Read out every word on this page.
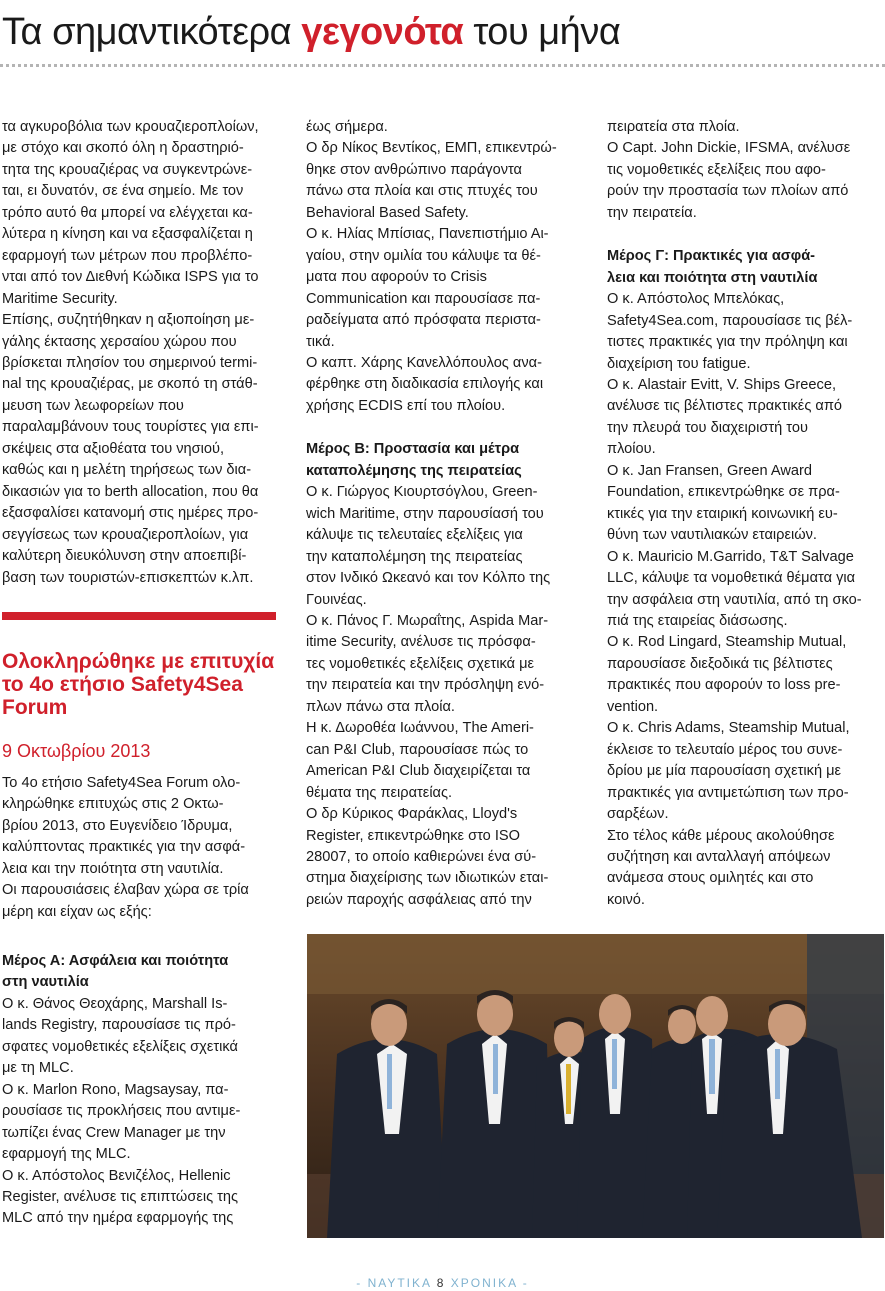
Τα σημαντικότερα γεγονότα του μήνα

τα αγκυροβόλια των κρουαζιεροπλοίων,

με στόχο και σκοπό όλη η δραστηριό-

τητα της κρουαζιέρας να συγκεντρώνε-

ται, ει δυνατόν, σε ένα σημείο. Με τον

τρόπο αυτό θα μπορεί να ελέγχεται κα-

λύτερα η κίνηση και να εξασφαλίζεται η

εφαρμογή των μέτρων που προβλέπο-

νται από τον Διεθνή Κώδικα ISPS για το

Maritime Security.

Επίσης, συζητήθηκαν η αξιοποίηση με-

γάλης έκτασης χερσαίου χώρου που

βρίσκεται πλησίον του σημερινού termi-

nal της κρουαζιέρας, με σκοπό τη στάθ-

μευση των λεωφορείων που

παραλαμβάνουν τους τουρίστες για επι-

σκέψεις στα αξιοθέατα του νησιού,

καθώς και η μελέτη τηρήσεως των δια-

δικασιών για το berth allocation, που θα

εξασφαλίσει κατανομή στις ημέρες προ-

σεγγίσεως των κρουαζιεροπλοίων, για

καλύτερη διευκόλυνση στην αποεπιβί-

βαση των τουριστών-επισκεπτών κ.λπ.

Ολοκληρώθηκε με επιτυχία το 4ο ετήσιο Safety4Sea Forum
9 Οκτωβρίου 2013

Το 4ο ετήσιο Safety4Sea Forum ολο-

κληρώθηκε επιτυχώς στις 2 Οκτω-

βρίου 2013, στο Ευγενίδειο Ίδρυμα,

καλύπτοντας πρακτικές για την ασφά-

λεια και την ποιότητα στη ναυτιλία.

Οι παρουσιάσεις έλαβαν χώρα σε τρία

μέρη και είχαν ως εξής:

Μέρος Α: Ασφάλεια και ποιότητα

στη ναυτιλία

Ο κ. Θάνος Θεοχάρης, Marshall Is-

lands Registry, παρουσίασε τις πρό-

σφατες νομοθετικές εξελίξεις σχετικά

με τη MLC.

Ο κ. Marlon Rono, Magsaysay, πα-

ρουσίασε τις προκλήσεις που αντιμε-

τωπίζει ένας Crew Manager με την

εφαρμογή της MLC.

Ο κ. Απόστολος Βενιζέλος, Hellenic

Register, ανέλυσε τις επιπτώσεις της

MLC από την ημέρα εφαρμογής της

έως σήμερα.

Ο δρ Νίκος Βεντίκος, ΕΜΠ, επικεντρώ-

θηκε στον ανθρώπινο παράγοντα

πάνω στα πλοία και στις πτυχές του

Behavioral Based Safety.

Ο κ. Ηλίας Μπίσιας, Πανεπιστήμιο Αι-

γαίου, στην ομιλία του κάλυψε τα θέ-

ματα που αφορούν το Crisis

Communication και παρουσίασε πα-

ραδείγματα από πρόσφατα περιστα-

τικά.

Ο καπτ. Χάρης Κανελλόπουλος ανα-

φέρθηκε στη διαδικασία επιλογής και

χρήσης ECDIS επί του πλοίου.

Μέρος Β: Προστασία και μέτρα

καταπολέμησης της πειρατείας

Ο κ. Γιώργος Κιουρτσόγλου, Green-

wich Maritime, στην παρουσίασή του

κάλυψε τις τελευταίες εξελίξεις για

την καταπολέμηση της πειρατείας

στον Ινδικό Ωκεανό και τον Κόλπο της

Γουινέας.

Ο κ. Πάνος Γ. Μωραΐτης, Aspida Mar-

itime Security, ανέλυσε τις πρόσφα-

τες νομοθετικές εξελίξεις σχετικά με

την πειρατεία και την πρόσληψη ενό-

πλων πάνω στα πλοία.

Η κ. Δωροθέα Ιωάννου, The Ameri-

can P&I Club, παρουσίασε πώς το

American P&I Club διαχειρίζεται τα

θέματα της πειρατείας.

Ο δρ Κύρικος Φαράκλας, Lloyd's

Register, επικεντρώθηκε στο ISO

28007, το οποίο καθιερώνει ένα σύ-

στημα διαχείρισης των ιδιωτικών εται-

ρειών παροχής ασφάλειας από την

πειρατεία στα πλοία.

Ο Capt. John Dickie, IFSMA, ανέλυσε

τις νομοθετικές εξελίξεις που αφο-

ρούν την προστασία των πλοίων από

την πειρατεία.

Μέρος Γ: Πρακτικές για ασφά-

λεια και ποιότητα στη ναυτιλία

Ο κ. Απόστολος Μπελόκας,

Safety4Sea.com, παρουσίασε τις βέλ-

τιστες πρακτικές για την πρόληψη και

διαχείριση του fatigue.

Ο κ. Alastair Evitt, V. Ships Greece,

ανέλυσε τις βέλτιστες πρακτικές από

την πλευρά του διαχειριστή του

πλοίου.

Ο κ. Jan Fransen, Green Award

Foundation, επικεντρώθηκε σε πρα-

κτικές για την εταιρική κοινωνική ευ-

θύνη των ναυτιλιακών εταιρειών.

Ο κ. Mauricio M.Garrido, T&T Salvage

LLC, κάλυψε τα νομοθετικά θέματα για

την ασφάλεια στη ναυτιλία, από τη σκο-

πιά της εταιρείας διάσωσης.

Ο κ. Rod Lingard, Steamship Mutual,

παρουσίασε διεξοδικά τις βέλτιστες

πρακτικές που αφορούν το loss pre-

vention.

Ο κ. Chris Adams, Steamship Mutual,

έκλεισε το τελευταίο μέρος του συνε-

δρίου με μία παρουσίαση σχετική με

πρακτικές για αντιμετώπιση των προ-

σαρξέων.

Στο τέλος κάθε μέρους ακολούθησε

συζήτηση και ανταλλαγή απόψεων

ανάμεσα στους ομιλητές και στο

κοινό.

- ΝΑΥΤΙΚΑ 8 ΧΡΟΝΙΚΑ -
